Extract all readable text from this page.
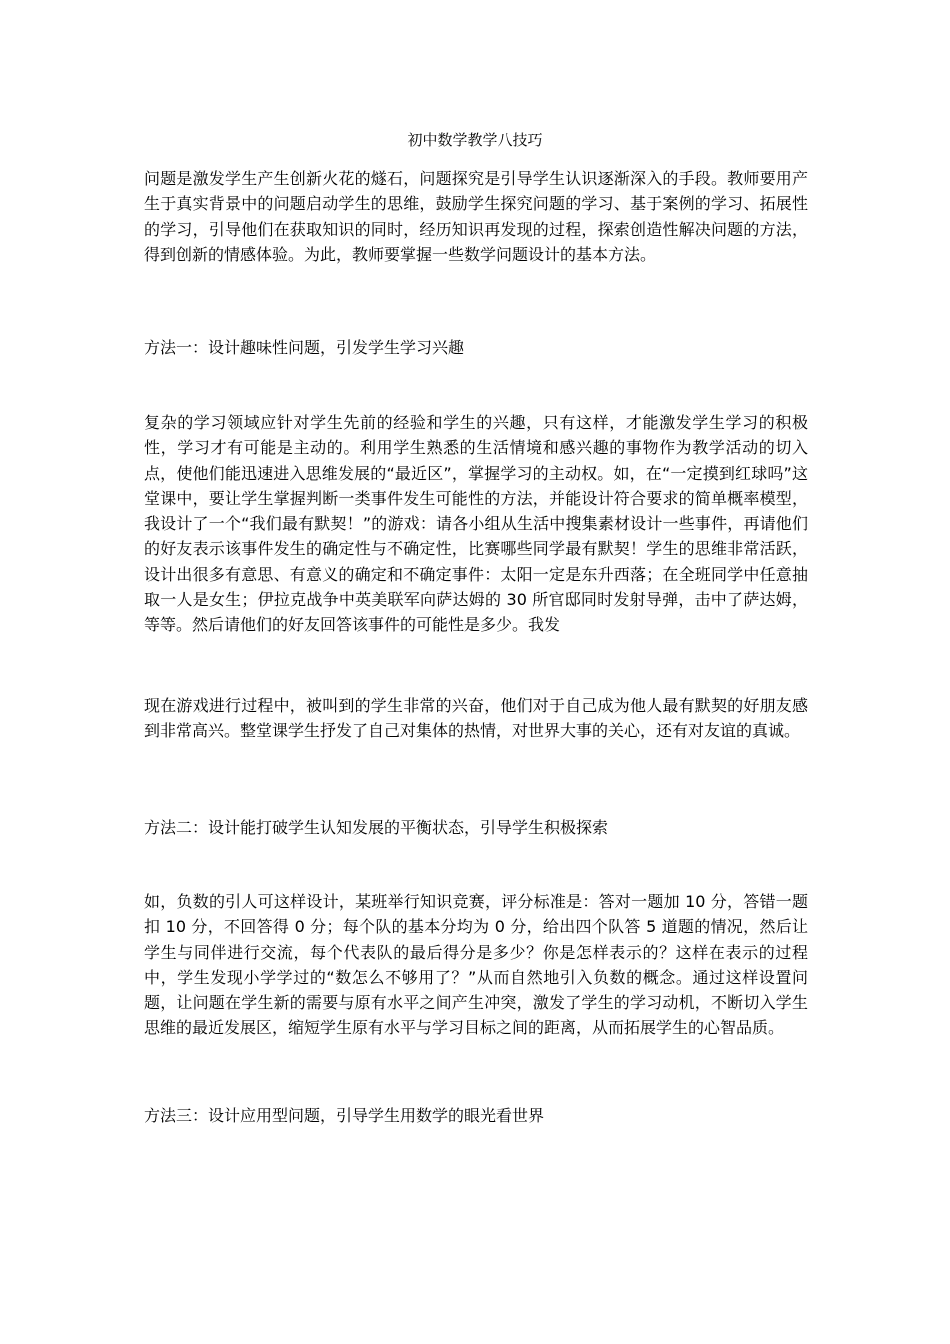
初中数学教学八技巧
问题是激发学生产生创新火花的燧石，问题探究是引导学生认识逐渐深入的手段。教师要用产生于真实背景中的问题启动学生的思维，鼓励学生探究问题的学习、基于案例的学习、拓展性的学习，引导他们在获取知识的同时，经历知识再发现的过程，探索创造性解决问题的方法，得到创新的情感体验。为此，教师要掌握一些数学问题设计的基本方法。
方法一：设计趣味性问题，引发学生学习兴趣
复杂的学习领域应针对学生先前的经验和学生的兴趣，只有这样，才能激发学生学习的积极性，学习才有可能是主动的。利用学生熟悉的生活情境和感兴趣的事物作为教学活动的切入点，使他们能迅速进入思维发展的“最近区”，掌握学习的主动权。如，在“一定摸到红球吗”这堂课中，要让学生掌握判断一类事件发生可能性的方法，并能设计符合要求的简单概率模型，我设计了一个“我们最有默契！”的游戏：请各小组从生活中搜集素材设计一些事件，再请他们的好友表示该事件发生的确定性与不确定性，比赛哪些同学最有默契！学生的思维非常活跃，设计出很多有意思、有意义的确定和不确定事件：太阳一定是东升西落；在全班同学中任意抽取一人是女生；伊拉克战争中英美联军向萨达姆的 30 所官邸同时发射导弹，击中了萨达姆，等等。然后请他们的好友回答该事件的可能性是多少。我发
现在游戏进行过程中，被叫到的学生非常的兴奋，他们对于自己成为他人最有默契的好朋友感到非常高兴。整堂课学生抒发了自己对集体的热情，对世界大事的关心，还有对友谊的真诚。
方法二：设计能打破学生认知发展的平衡状态，引导学生积极探索
如，负数的引人可这样设计，某班举行知识竞赛，评分标准是：答对一题加 10 分，答错一题扣 10 分，不回答得 0 分；每个队的基本分均为 0 分，给出四个队答 5 道题的情况，然后让学生与同伴进行交流，每个代表队的最后得分是多少？你是怎样表示的？这样在表示的过程中，学生发现小学学过的“数怎么不够用了？”从而自然地引入负数的概念。通过这样设置问题，让问题在学生新的需要与原有水平之间产生冲突，激发了学生的学习动机，不断切入学生思维的最近发展区，缩短学生原有水平与学习目标之间的距离，从而拓展学生的心智品质。
方法三：设计应用型问题，引导学生用数学的眼光看世界
